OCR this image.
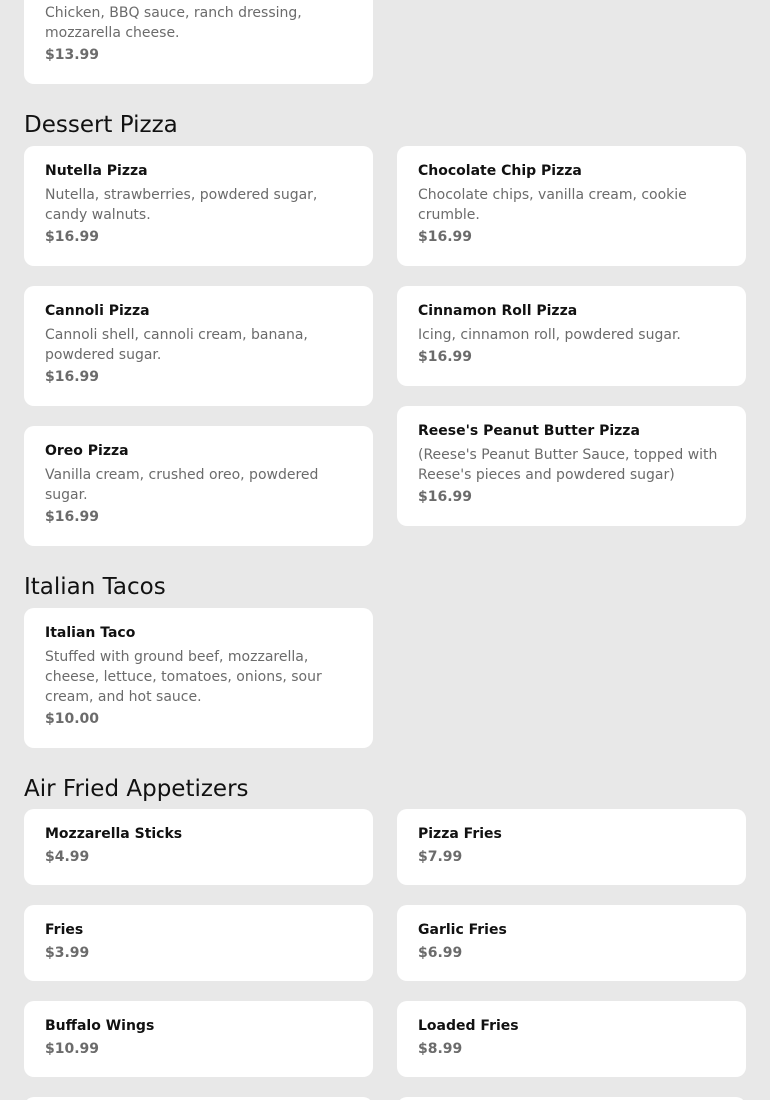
Chicken, BBQ sauce, ranch dressing, mozzarella cheese.
$13.99
Dessert Pizza
Nutella Pizza
Nutella, strawberries, powdered sugar, candy walnuts.
$16.99
Chocolate Chip Pizza
Chocolate chips, vanilla cream, cookie crumble.
$16.99
Cannoli Pizza
Cannoli shell, cannoli cream, banana, powdered sugar.
$16.99
Cinnamon Roll Pizza
Icing, cinnamon roll, powdered sugar.
$16.99
Oreo Pizza
Vanilla cream, crushed oreo, powdered sugar.
$16.99
Reese's Peanut Butter Pizza
(Reese's Peanut Butter Sauce, topped with Reese's pieces and powdered sugar)
$16.99
Italian Tacos
Italian Taco
Stuffed with ground beef, mozzarella, cheese, lettuce, tomatoes, onions, sour cream, and hot sauce.
$10.00
Air Fried Appetizers
Mozzarella Sticks
$4.99
Pizza Fries
$7.99
Fries
$3.99
Garlic Fries
$6.99
Buffalo Wings
$10.99
Loaded Fries
$8.99
